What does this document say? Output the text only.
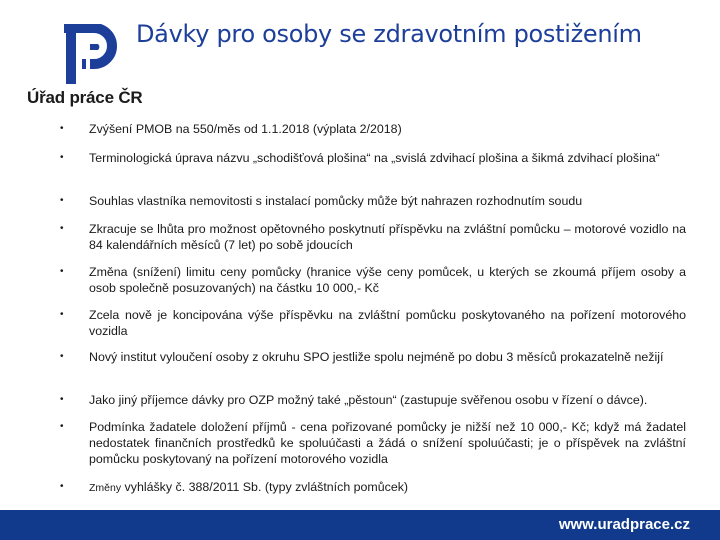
Úřad práce ČR
Dávky pro osoby se zdravotním postižením
•	Zvýšení PMOB na 550/měs od 1.1.2018 (výplata 2/2018)
•	Terminologická úprava názvu „schodišťová plošina“ na „svislá zdvihací plošina a šikmá zdvihací plošina“
•	Souhlas vlastníka nemovitosti s instalací pomůcky může být nahrazen rozhodnutím soudu
•	Zkracuje se lhůta pro možnost opětovného poskytnutí příspěvku na zvláštní pomůcku – motorové vozidlo na 84 kalendářních měsíců (7 let) po sobě jdoucích
•	Změna (snížení) limitu ceny pomůcky (hranice výše ceny pomůcek, u kterých se zkoumá příjem osoby a osob společně posuzovaných) na částku 10 000,- Kč
•	Zcela nově je koncipována výše příspěvku na zvláštní pomůcku poskytovaného na pořízení motorového vozidla
•	Nový institut vyloučení osoby z okruhu SPO jestliže spolu nejméně po dobu 3 měsíců prokazatelně nežijí
•	Jako jiný příjemce dávky pro OZP možný také „pěstoun“ (zastupuje svěřenou osobu v řízení o dávce).
•	Podmínka žadatele doložení příjmů - cena pořizované pomůcky je nižší než 10 000,- Kč; když má žadatel nedostatek finančních prostředků ke spoluúčasti a žádá o snížení spoluúčasti; je o příspěvek na zvláštní pomůcku poskytovaný na pořízení motorového vozidla
•	Změny vyhlášky č. 388/2011 Sb. (typy zvláštních pomůcek)
www.uradprace.cz
